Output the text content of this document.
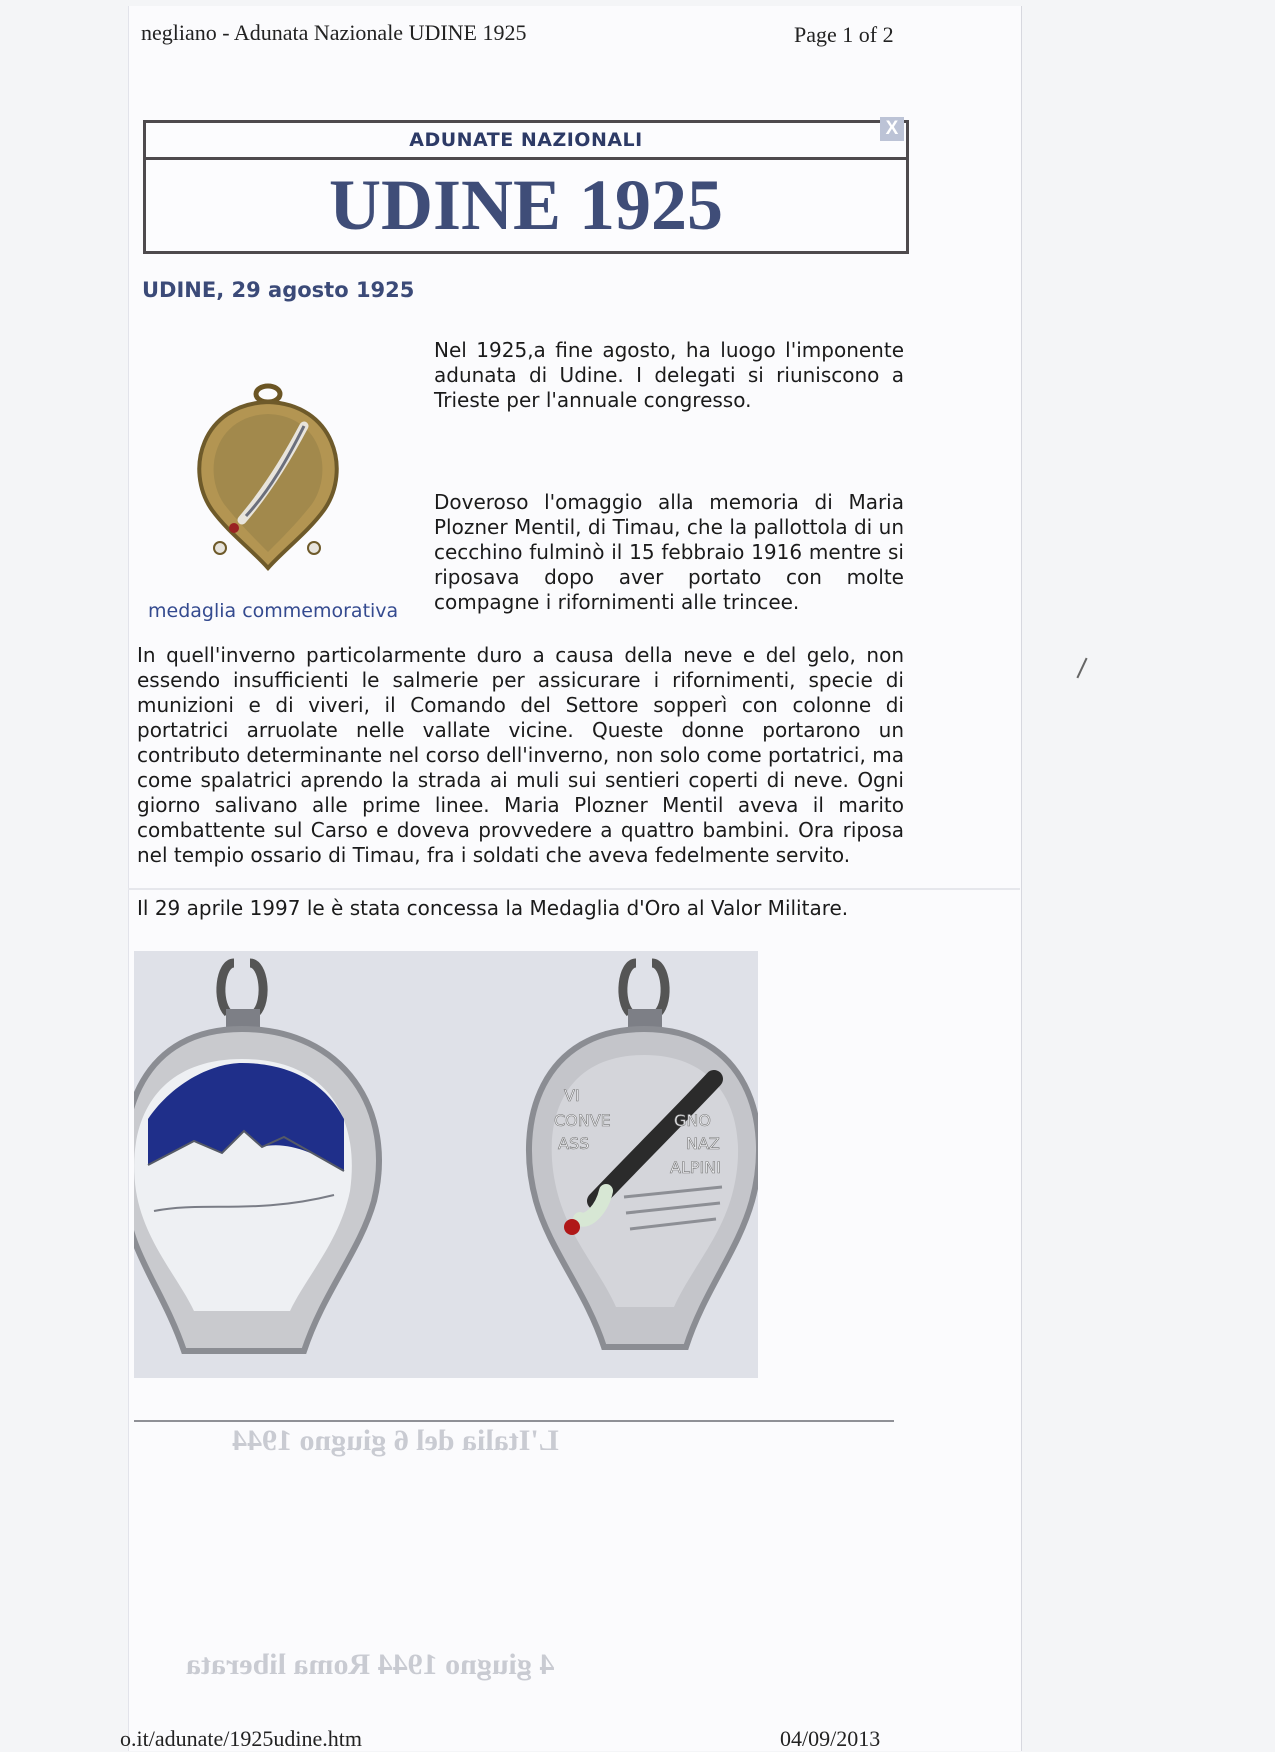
L'Italia del 6 giugno 1944
4 giugno 1944 Roma liberata
negliano - Adunata Nazionale UDINE 1925	Page 1 of 2
ADUNATE NAZIONALI
UDINE 1925
X
UDINE, 29 agosto 1925
medaglia commemorativa
Nel 1925,a fine agosto, ha luogo l'imponente adunata di Udine. I delegati si riuniscono a Trieste per l'annuale congresso.
Doveroso l'omaggio alla memoria di Maria Plozner Mentil, di Timau, che la pallottola di un cecchino fulminò il 15 febbraio 1916 mentre si riposava dopo aver portato con molte compagne i rifornimenti alle trincee.
In quell'inverno particolarmente duro a causa della neve e del gelo, non essendo insufficienti le salmerie per assicurare i rifornimenti, specie di munizioni e di viveri, il Comando del Settore sopperì con colonne di portatrici arruolate nelle vallate vicine. Queste donne portarono un contributo determinante nel corso dell'inverno, non solo come portatrici, ma come spalatrici aprendo la strada ai muli sui sentieri coperti di neve. Ogni giorno salivano alle prime linee. Maria Plozner Mentil aveva il marito combattente sul Carso e doveva provvedere a quattro bambini. Ora riposa nel tempio ossario di Timau, fra i soldati che aveva fedelmente servito.
Il 29 aprile 1997 le è stata concessa la Medaglia d'Oro al Valor Militare.
VI
CONVE	GNO
ASS	NAZ
ALPINI
o.it/adunate/1925udine.htm	04/09/2013
